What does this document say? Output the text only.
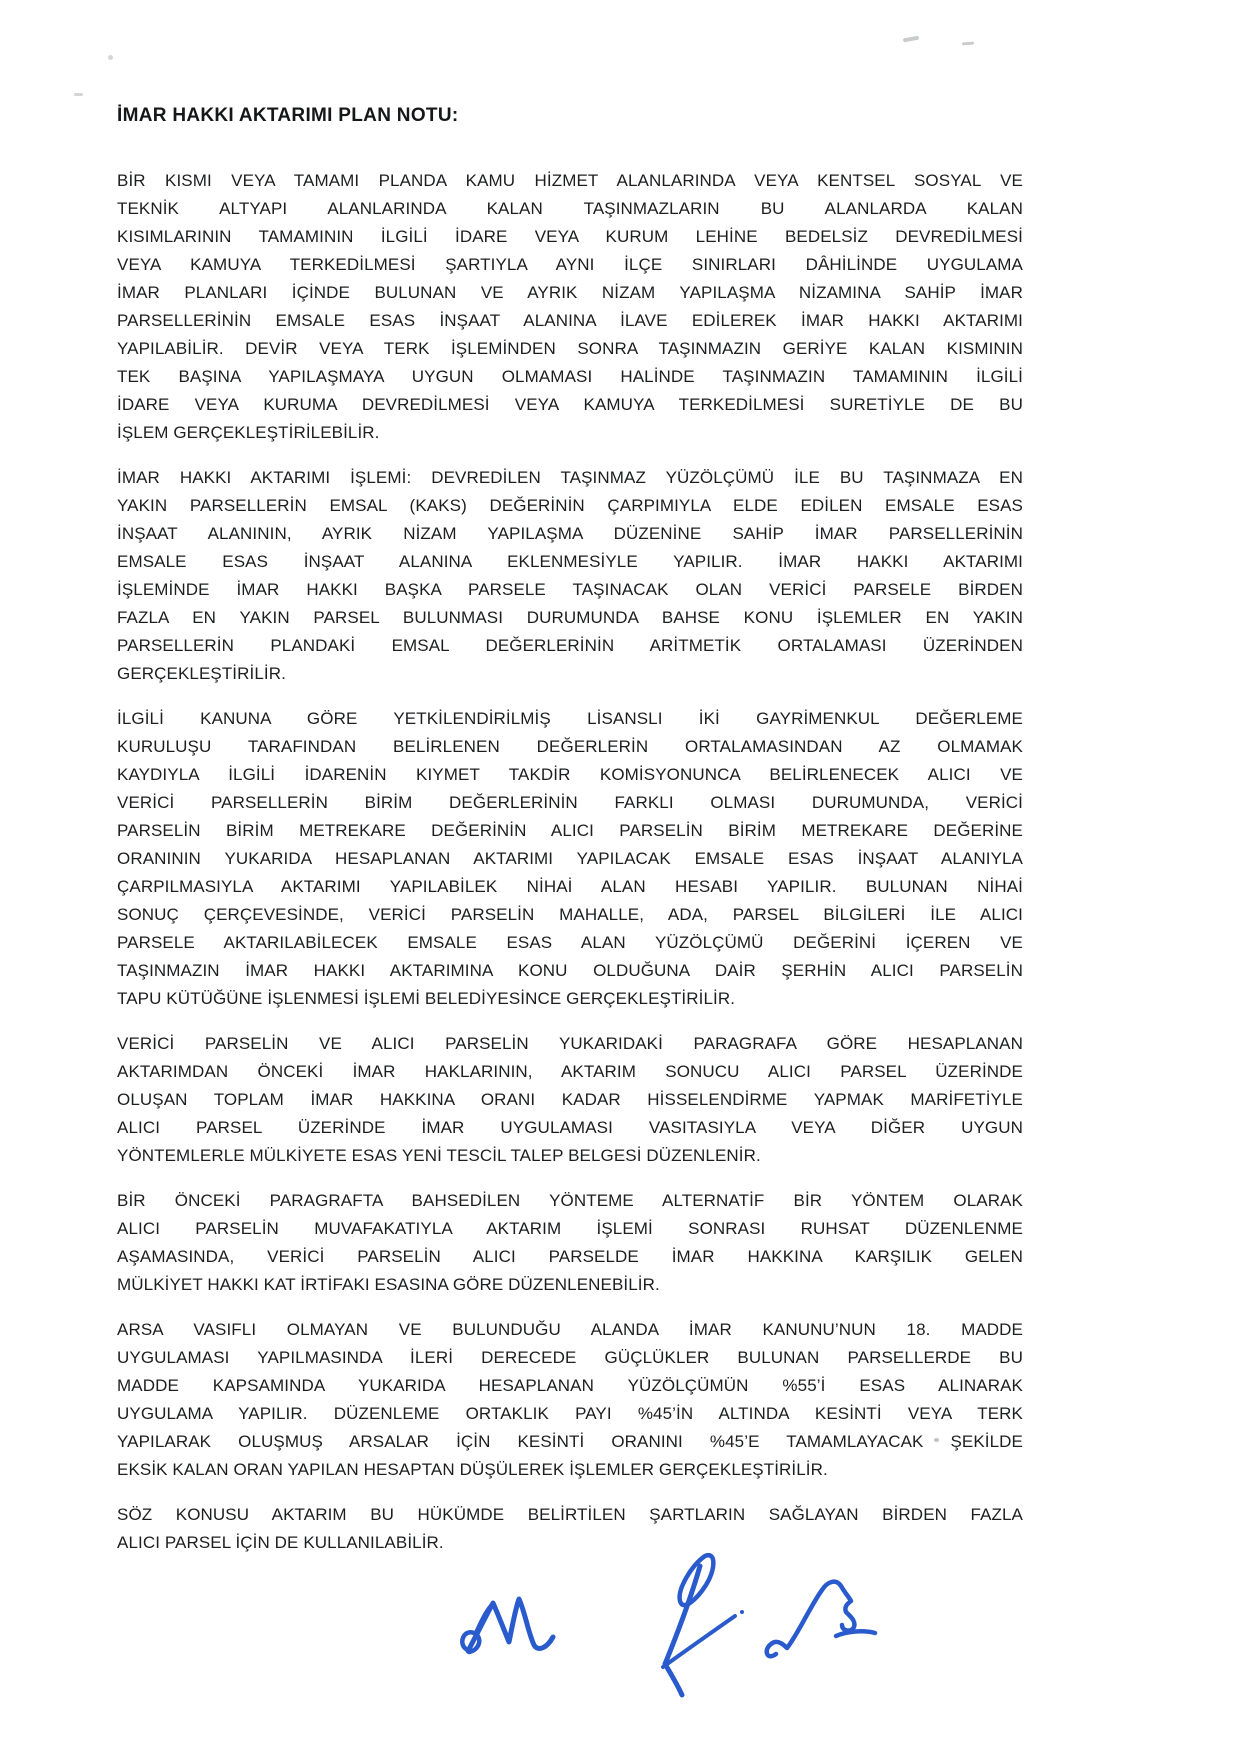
İMAR HAKKI AKTARIMI PLAN NOTU:
BİR KISMI VEYA TAMAMI PLANDA KAMU HİZMET ALANLARINDA VEYA KENTSEL SOSYAL VE
TEKNİK ALTYAPI ALANLARINDA KALAN TAŞINMAZLARIN BU ALANLARDA KALAN
KISIMLARININ TAMAMININ İLGİLİ İDARE VEYA KURUM LEHİNE BEDELSİZ DEVREDİLMESİ
VEYA KAMUYA TERKEDİLMESİ ŞARTIYLA AYNI İLÇE SINIRLARI DÂHİLİNDE UYGULAMA
İMAR PLANLARI İÇİNDE BULUNAN VE AYRIK NİZAM YAPILAŞMA NİZAMINA SAHİP İMAR
PARSELLERİNİN EMSALE ESAS İNŞAAT ALANINA İLAVE EDİLEREK İMAR HAKKI AKTARIMI
YAPILABİLİR. DEVİR VEYA TERK İŞLEMİNDEN SONRA TAŞINMAZIN GERİYE KALAN KISMININ
TEK BAŞINA YAPILAŞMAYA UYGUN OLMAMASI HALİNDE TAŞINMAZIN TAMAMININ İLGİLİ
İDARE VEYA KURUMA DEVREDİLMESİ VEYA KAMUYA TERKEDİLMESİ SURETİYLE DE BU
İŞLEM GERÇEKLEŞTİRİLEBİLİR.
İMAR HAKKI AKTARIMI İŞLEMİ: DEVREDİLEN TAŞINMAZ YÜZÖLÇÜMÜ İLE BU TAŞINMAZA EN
YAKIN PARSELLERİN EMSAL (KAKS) DEĞERİNİN ÇARPIMIYLA ELDE EDİLEN EMSALE ESAS
İNŞAAT ALANININ, AYRIK NİZAM YAPILAŞMA DÜZENİNE SAHİP İMAR PARSELLERİNİN
EMSALE ESAS İNŞAAT ALANINA EKLENMESİYLE YAPILIR. İMAR HAKKI AKTARIMI
İŞLEMİNDE İMAR HAKKI BAŞKA PARSELE TAŞINACAK OLAN VERİCİ PARSELE BİRDEN
FAZLA EN YAKIN PARSEL BULUNMASI DURUMUNDA BAHSE KONU İŞLEMLER EN YAKIN
PARSELLERİN PLANDAKİ EMSAL DEĞERLERİNİN ARİTMETİK ORTALAMASI ÜZERİNDEN
GERÇEKLEŞTİRİLİR.
İLGİLİ KANUNA GÖRE YETKİLENDİRİLMİŞ LİSANSLI İKİ GAYRİMENKUL DEĞERLEME
KURULUŞU TARAFINDAN BELİRLENEN DEĞERLERİN ORTALAMASINDAN AZ OLMAMAK
KAYDIYLA İLGİLİ İDARENİN KIYMET TAKDİR KOMİSYONUNCA BELİRLENECEK ALICI VE
VERİCİ PARSELLERİN BİRİM DEĞERLERİNİN FARKLI OLMASI DURUMUNDA, VERİCİ
PARSELİN BİRİM METREKARE DEĞERİNİN ALICI PARSELİN BİRİM METREKARE DEĞERİNE
ORANININ YUKARIDA HESAPLANAN AKTARIMI YAPILACAK EMSALE ESAS İNŞAAT ALANIYLA
ÇARPILMASIYLA AKTARIMI YAPILABİLEK NİHAİ ALAN HESABI YAPILIR. BULUNAN NİHAİ
SONUÇ ÇERÇEVESİNDE, VERİCİ PARSELİN MAHALLE, ADA, PARSEL BİLGİLERİ İLE ALICI
PARSELE AKTARILABİLECEK EMSALE ESAS ALAN YÜZÖLÇÜMÜ DEĞERİNİ İÇEREN VE
TAŞINMAZIN İMAR HAKKI AKTARIMINA KONU OLDUĞUNA DAİR ŞERHİN ALICI PARSELİN
TAPU KÜTÜĞÜNE İŞLENMESİ İŞLEMİ BELEDİYESİNCE GERÇEKLEŞTİRİLİR.
VERİCİ PARSELİN VE ALICI PARSELİN YUKARIDAKİ PARAGRAFA GÖRE HESAPLANAN
AKTARIMDAN ÖNCEKİ İMAR HAKLARININ, AKTARIM SONUCU ALICI PARSEL ÜZERİNDE
OLUŞAN TOPLAM İMAR HAKKINA ORANI KADAR HİSSELENDİRME YAPMAK MARİFETİYLE
ALICI PARSEL ÜZERİNDE İMAR UYGULAMASI VASITASIYLA VEYA DİĞER UYGUN
YÖNTEMLERLE MÜLKİYETE ESAS YENİ TESCİL TALEP BELGESİ DÜZENLENİR.
BİR ÖNCEKİ PARAGRAFTA BAHSEDİLEN YÖNTEME ALTERNATİF BİR YÖNTEM OLARAK
ALICI PARSELİN MUVAFAKATIYLA AKTARIM İŞLEMİ SONRASI RUHSAT DÜZENLENME
AŞAMASINDA, VERİCİ PARSELİN ALICI PARSELDE İMAR HAKKINA KARŞILIK GELEN
MÜLKİYET HAKKI KAT İRTİFAKI ESASINA GÖRE DÜZENLENEBİLİR.
ARSA VASIFLI OLMAYAN VE BULUNDUĞU ALANDA İMAR KANUNU’NUN 18. MADDE
UYGULAMASI YAPILMASINDA İLERİ DERECEDE GÜÇLÜKLER BULUNAN PARSELLERDE BU
MADDE KAPSAMINDA YUKARIDA HESAPLANAN YÜZÖLÇÜMÜN %55’İ ESAS ALINARAK
UYGULAMA YAPILIR. DÜZENLEME ORTAKLIK PAYI %45’İN ALTINDA KESİNTİ VEYA TERK
YAPILARAK OLUŞMUŞ ARSALAR İÇİN KESİNTİ ORANINI %45’E TAMAMLAYACAK ŞEKİLDE
EKSİK KALAN ORAN YAPILAN HESAPTAN DÜŞÜLEREK İŞLEMLER GERÇEKLEŞTİRİLİR.
SÖZ KONUSU AKTARIM BU HÜKÜMDE BELİRTİLEN ŞARTLARIN SAĞLAYAN BİRDEN FAZLA
ALICI PARSEL İÇİN DE KULLANILABİLİR.
